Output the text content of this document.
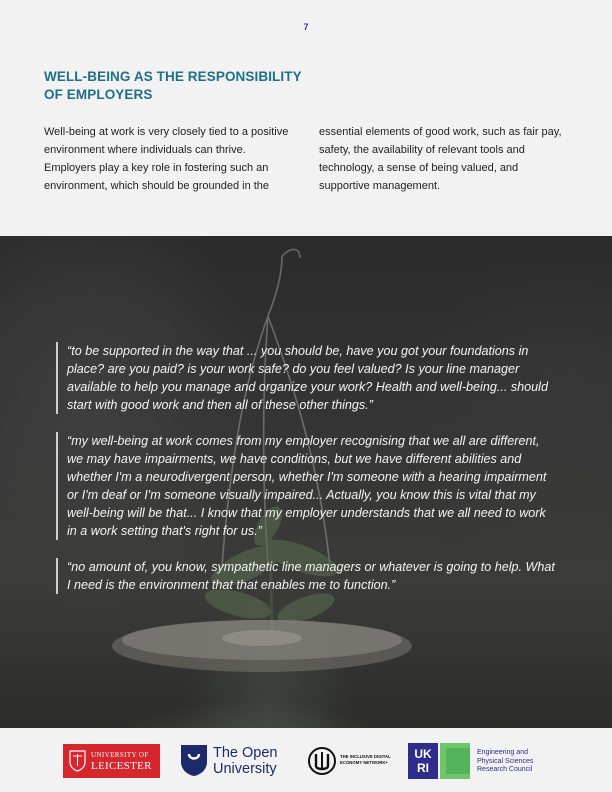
7
WELL-BEING AS THE RESPONSIBILITY OF EMPLOYERS

Well-being at work is very closely tied to a positive environment where individuals can thrive. Employers play a key role in fostering such an environment, which should be grounded in the essential elements of good work, such as fair pay, safety, the availability of relevant tools and technology, a sense of being valued, and supportive management.

“to be supported in the way that ... you should be, have you got your foundations in place? are you paid? is your work safe? do you feel valued? Is your line manager available to help you manage and organize your work? Health and well-being... should start with good work and then all of these other things.”

“my well-being at work comes from my employer recognising that we all are different, we may have impairments, we have conditions, but we have different abilities and whether I'm a neurodivergent person, whether I'm someone with a hearing impairment or I'm deaf or I'm someone visually impaired... Actually, you know this is vital that my well-being will be that... I know that my employer understands that we all need to work in a work setting that's right for us.”

“no amount of, you know, sympathetic line managers or whatever is going to help. What I need is the environment that that enables me to function.”

UNIVERSITY OF
LEICESTER
The Open
University
THE INCLUSIVE DIGITAL ECONOMY NETWORK+
UK
RI
Engineering and
Physical Sciences
Research Council
